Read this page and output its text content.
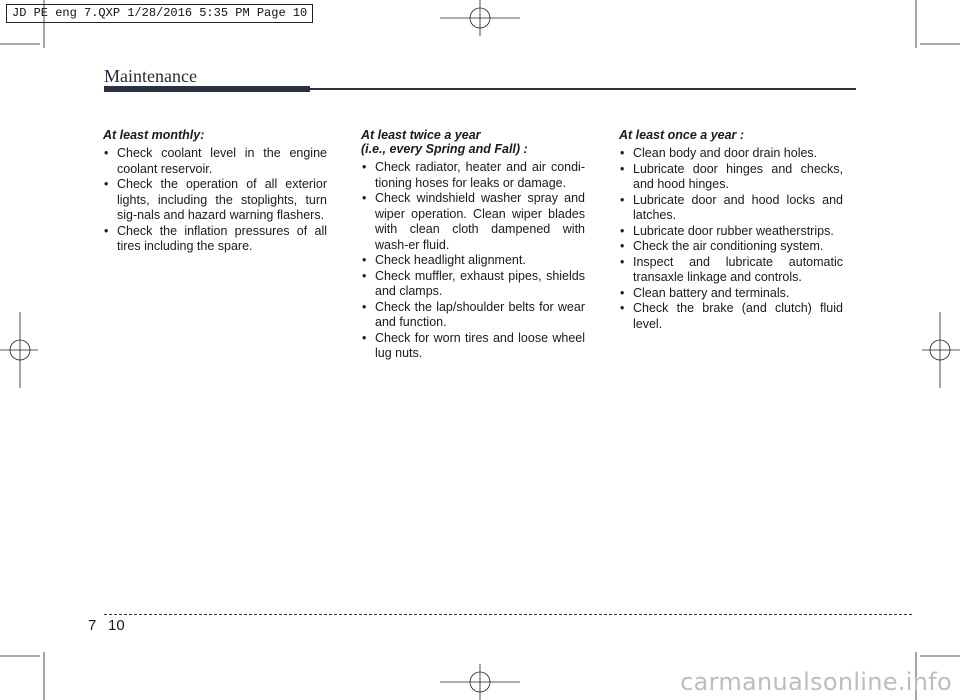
JD PE eng 7.QXP 1/28/2016 5:35 PM Page 10
Maintenance
At least monthly:
• Check coolant level in the engine coolant reservoir.
• Check the operation of all exterior lights, including the stoplights, turn sig-nals and hazard warning flashers.
• Check the inflation pressures of all tires including the spare.
At least twice a year
(i.e., every Spring and Fall) :
• Check radiator, heater and air condi-tioning hoses for leaks or damage.
• Check windshield washer spray and wiper operation. Clean wiper blades with clean cloth dampened with wash-er fluid.
• Check headlight alignment.
• Check muffler, exhaust pipes, shields and clamps.
• Check the lap/shoulder belts for wear and function.
• Check for worn tires and loose wheel lug nuts.
At least once a year :
• Clean body and door drain holes.
• Lubricate door hinges and checks, and hood hinges.
• Lubricate door and hood locks and latches.
• Lubricate door rubber weatherstrips.
• Check the air conditioning system.
• Inspect and lubricate automatic transaxle linkage and controls.
• Clean battery and terminals.
• Check the brake (and clutch) fluid level.
7 10
carmanualsonline.info
